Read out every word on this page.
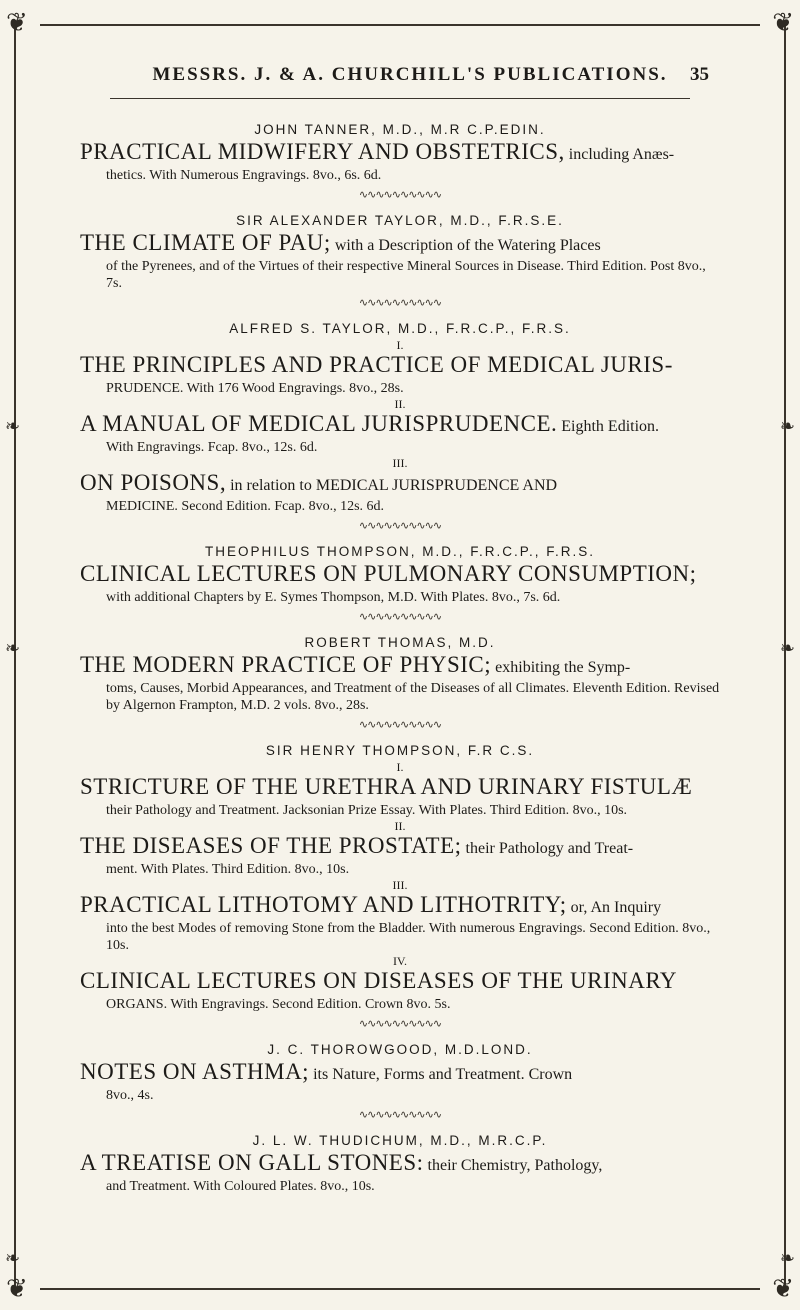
❦	❦
❦	❦
❧	❧
❧	❧
❧	❧
MESSRS. J. & A. CHURCHILL'S PUBLICATIONS. 35
JOHN TANNER, M.D., M.R C.P.EDIN.
PRACTICAL MIDWIFERY AND OBSTETRICS, including Anæs-
thetics. With Numerous Engravings. 8vo., 6s. 6d.
∿∿∿∿∿∿∿∿∿∿
SIR ALEXANDER TAYLOR, M.D., F.R.S.E.
THE CLIMATE OF PAU; with a Description of the Watering Places
of the Pyrenees, and of the Virtues of their respective Mineral Sources in Disease. Third Edition. Post 8vo., 7s.
∿∿∿∿∿∿∿∿∿∿
ALFRED S. TAYLOR, M.D., F.R.C.P., F.R.S.
I.
THE PRINCIPLES AND PRACTICE OF MEDICAL JURIS-
PRUDENCE. With 176 Wood Engravings. 8vo., 28s.
II.
A MANUAL OF MEDICAL JURISPRUDENCE. Eighth Edition.
With Engravings. Fcap. 8vo., 12s. 6d.
III.
ON POISONS, in relation to MEDICAL JURISPRUDENCE AND
MEDICINE. Second Edition. Fcap. 8vo., 12s. 6d.
∿∿∿∿∿∿∿∿∿∿
THEOPHILUS THOMPSON, M.D., F.R.C.P., F.R.S.
CLINICAL LECTURES ON PULMONARY CONSUMPTION;
with additional Chapters by E. Symes Thompson, M.D. With Plates. 8vo., 7s. 6d.
∿∿∿∿∿∿∿∿∿∿
ROBERT THOMAS, M.D.
THE MODERN PRACTICE OF PHYSIC; exhibiting the Symp-
toms, Causes, Morbid Appearances, and Treatment of the Diseases of all Climates. Eleventh Edition. Revised by Algernon Frampton, M.D. 2 vols. 8vo., 28s.
∿∿∿∿∿∿∿∿∿∿
SIR HENRY THOMPSON, F.R C.S.
I.
STRICTURE OF THE URETHRA AND URINARY FISTULÆ
their Pathology and Treatment. Jacksonian Prize Essay. With Plates. Third Edition. 8vo., 10s.
II.
THE DISEASES OF THE PROSTATE; their Pathology and Treat-
ment. With Plates. Third Edition. 8vo., 10s.
III.
PRACTICAL LITHOTOMY AND LITHOTRITY; or, An Inquiry
into the best Modes of removing Stone from the Bladder. With numerous Engravings. Second Edition. 8vo., 10s.
IV.
CLINICAL LECTURES ON DISEASES OF THE URINARY
ORGANS. With Engravings. Second Edition. Crown 8vo. 5s.
∿∿∿∿∿∿∿∿∿∿
J. C. THOROWGOOD, M.D.LOND.
NOTES ON ASTHMA; its Nature, Forms and Treatment. Crown
8vo., 4s.
∿∿∿∿∿∿∿∿∿∿
J. L. W. THUDICHUM, M.D., M.R.C.P.
A TREATISE ON GALL STONES: their Chemistry, Pathology,
and Treatment. With Coloured Plates. 8vo., 10s.
